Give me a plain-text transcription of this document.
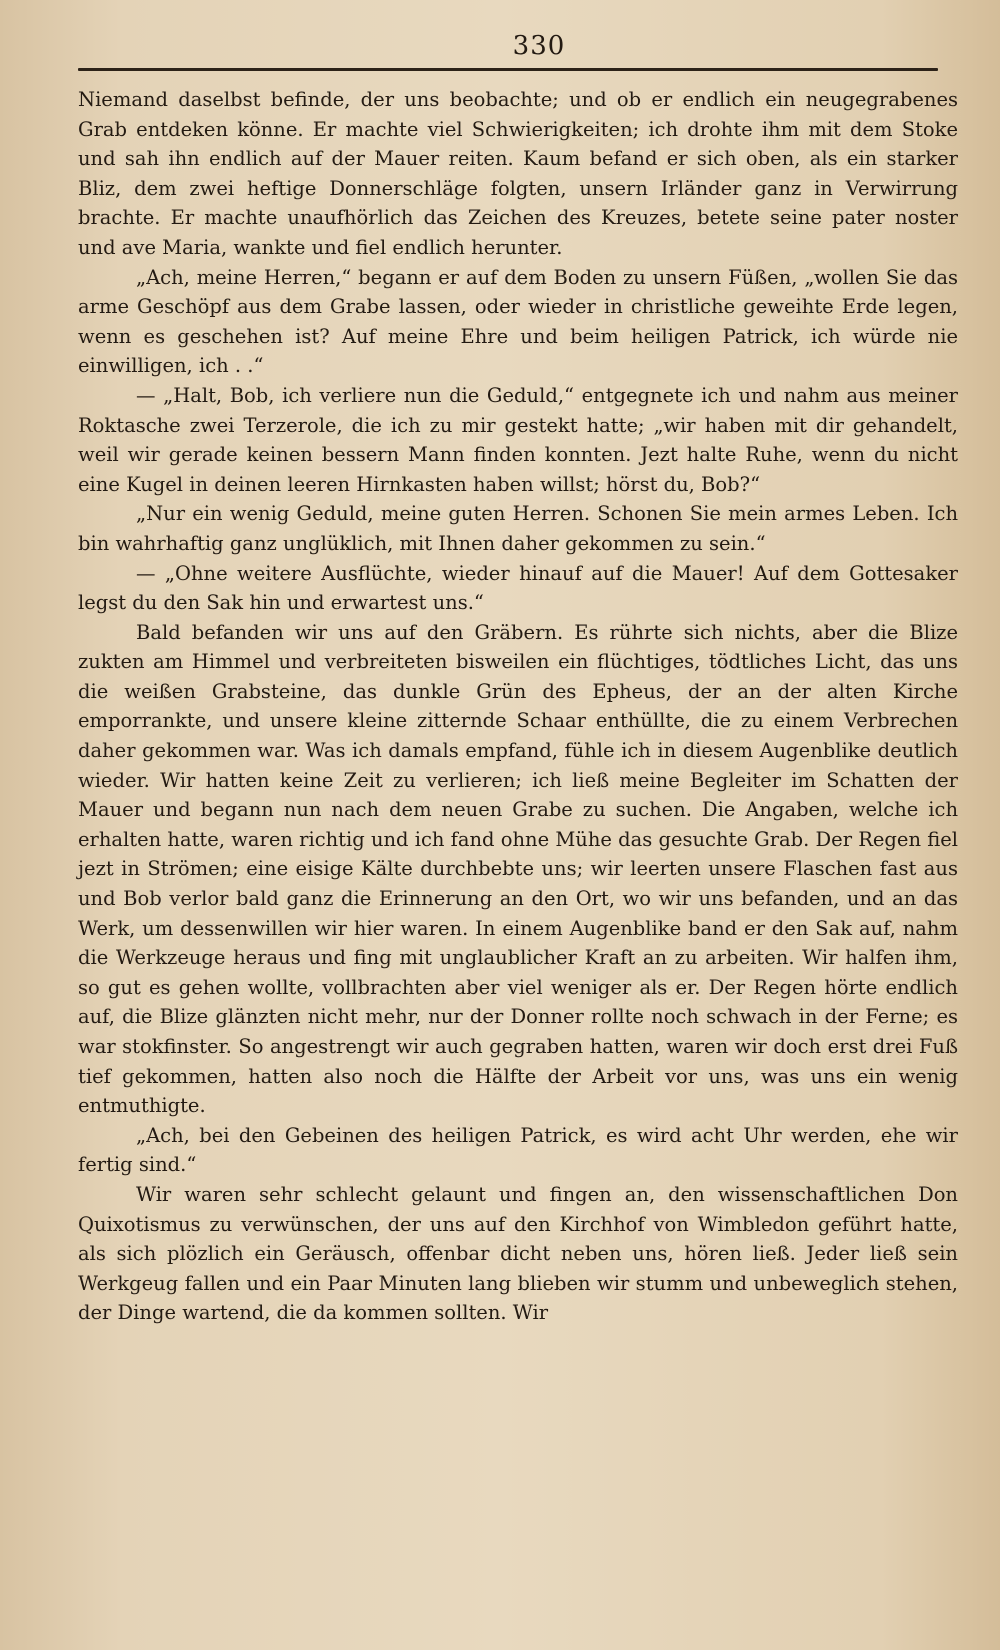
330

Niemand daselbst befinde, der uns beobachte; und ob er endlich ein neugegrabenes Grab entdeken könne. Er machte viel Schwierigkeiten; ich drohte ihm mit dem Stoke und sah ihn endlich auf der Mauer reiten. Kaum befand er sich oben, als ein starker Bliz, dem zwei heftige Donnerschläge folgten, unsern Irländer ganz in Verwirrung brachte. Er machte unaufhörlich das Zeichen des Kreuzes, betete seine pater noster und ave Maria, wankte und fiel endlich herunter.

„Ach, meine Herren,“ begann er auf dem Boden zu unsern Füßen, „wollen Sie das arme Geschöpf aus dem Grabe lassen, oder wieder in christliche geweihte Erde legen, wenn es geschehen ist? Auf meine Ehre und beim heiligen Patrick, ich würde nie einwilligen, ich . .“

— „Halt, Bob, ich verliere nun die Geduld,“ entgegnete ich und nahm aus meiner Roktasche zwei Terzerole, die ich zu mir gestekt hatte; „wir haben mit dir gehandelt, weil wir gerade keinen bessern Mann finden konnten. Jezt halte Ruhe, wenn du nicht eine Kugel in deinen leeren Hirnkasten haben willst; hörst du, Bob?“

„Nur ein wenig Geduld, meine guten Herren. Schonen Sie mein armes Leben. Ich bin wahrhaftig ganz unglüklich, mit Ihnen daher gekommen zu sein.“

— „Ohne weitere Ausflüchte, wieder hinauf auf die Mauer! Auf dem Gottesaker legst du den Sak hin und erwartest uns.“

Bald befanden wir uns auf den Gräbern. Es rührte sich nichts, aber die Blize zukten am Himmel und verbreiteten bisweilen ein flüchtiges, tödtliches Licht, das uns die weißen Grabsteine, das dunkle Grün des Epheus, der an der alten Kirche emporrankte, und unsere kleine zitternde Schaar enthüllte, die zu einem Verbrechen daher gekommen war. Was ich damals empfand, fühle ich in diesem Augenblike deutlich wieder. Wir hatten keine Zeit zu verlieren; ich ließ meine Begleiter im Schatten der Mauer und begann nun nach dem neuen Grabe zu suchen. Die Angaben, welche ich erhalten hatte, waren richtig und ich fand ohne Mühe das gesuchte Grab. Der Regen fiel jezt in Strömen; eine eisige Kälte durchbebte uns; wir leerten unsere Flaschen fast aus und Bob verlor bald ganz die Erinnerung an den Ort, wo wir uns befanden, und an das Werk, um dessenwillen wir hier waren. In einem Augenblike band er den Sak auf, nahm die Werkzeuge heraus und fing mit unglaublicher Kraft an zu arbeiten. Wir halfen ihm, so gut es gehen wollte, vollbrachten aber viel weniger als er. Der Regen hörte endlich auf, die Blize glänzten nicht mehr, nur der Donner rollte noch schwach in der Ferne; es war stokfinster. So angestrengt wir auch gegraben hatten, waren wir doch erst drei Fuß tief gekommen, hatten also noch die Hälfte der Arbeit vor uns, was uns ein wenig entmuthigte.

„Ach, bei den Gebeinen des heiligen Patrick, es wird acht Uhr werden, ehe wir fertig sind.“

Wir waren sehr schlecht gelaunt und fingen an, den wissenschaftlichen Don Quixotismus zu verwünschen, der uns auf den Kirchhof von Wimbledon geführt hatte, als sich plözlich ein Geräusch, offenbar dicht neben uns, hören ließ. Jeder ließ sein Werkgeug fallen und ein Paar Minuten lang blieben wir stumm und unbeweglich stehen, der Dinge wartend, die da kommen sollten. Wir
